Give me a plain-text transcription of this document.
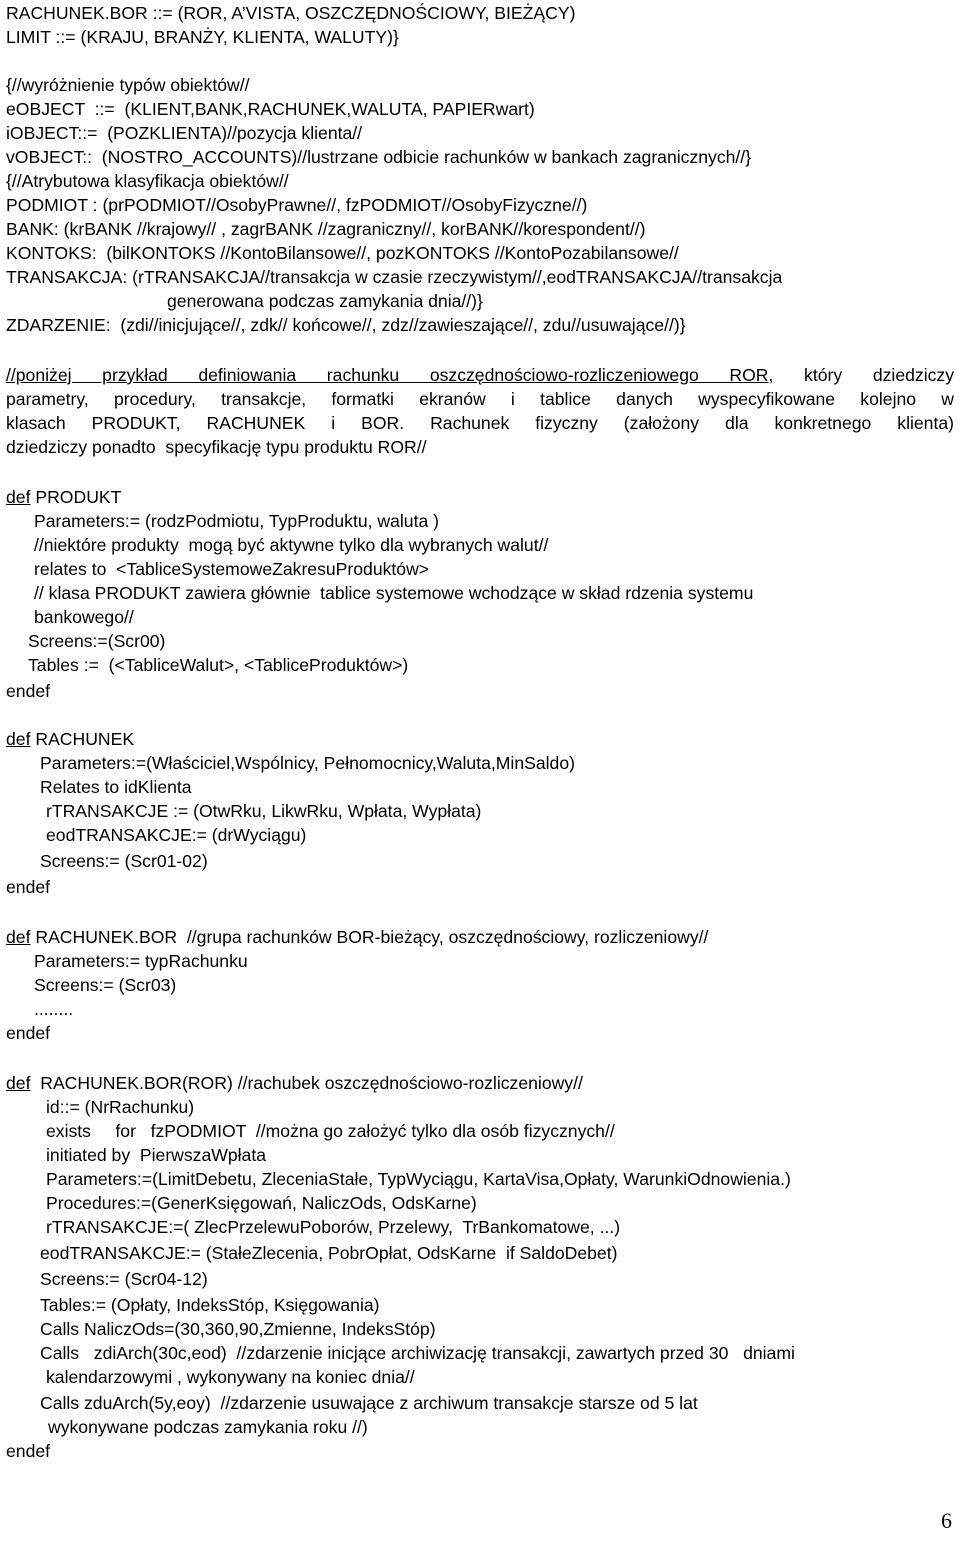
RACHUNEK.BOR ::= (ROR, A’VISTA, OSZCZĘDNOŚCIOWY, BIEŻĄCY)

LIMIT ::= (KRAJU, BRANŻY, KLIENTA, WALUTY)}

{//wyróżnienie typów obiektów//

eOBJECT  ::=  (KLIENT,BANK,RACHUNEK,WALUTA, PAPIERwart)

iOBJECT::=  (POZKLIENTA)//pozycja klienta//

vOBJECT::  (NOSTRO_ACCOUNTS)//lustrzane odbicie rachunków w bankach zagranicznych//}

{//Atrybutowa klasyfikacja obiektów//

PODMIOT : (prPODMIOT//OsobyPrawne//, fzPODMIOT//OsobyFizyczne//)

BANK: (krBANK //krajowy// , zagrBANK //zagraniczny//, korBANK//korespondent//)

KONTOKS:  (bilKONTOKS //KontoBilansowe//, pozKONTOKS //KontoPozabilansowe//

TRANSAKCJA: (rTRANSAKCJA//transakcja w czasie rzeczywistym//,eodTRANSAKCJA//transakcja

generowana podczas zamykania dnia//)}

ZDARZENIE:  (zdi//inicjujące//, zdk// końcowe//, zdz//zawieszające//, zdu//usuwające//)}

//poniżej przykład definiowania rachunku oszczędnościowo-rozliczeniowego ROR, który dziedziczy

parametry, procedury, transakcje, formatki ekranów i tablice danych wyspecyfikowane kolejno w

klasach PRODUKT, RACHUNEK i BOR. Rachunek fizyczny (założony dla konkretnego klienta)

dziedziczy ponadto  specyfikację typu produktu ROR//

def PRODUKT

Parameters:= (rodzPodmiotu, TypProduktu, waluta )

//niektóre produkty  mogą być aktywne tylko dla wybranych walut//

relates to  <TabliceSystemoweZakresuProduktów>

// klasa PRODUKT zawiera głównie  tablice systemowe wchodzące w skład rdzenia systemu

bankowego//

Screens:=(Scr00)

Tables :=  (<TabliceWalut>, <TabliceProduktów>)

endef

def RACHUNEK

Parameters:=(Właściciel,Wspólnicy, Pełnomocnicy,Waluta,MinSaldo)

Relates to idKlienta

rTRANSAKCJE := (OtwRku, LikwRku, Wpłata, Wypłata)

eodTRANSAKCJE:= (drWyciągu)

Screens:= (Scr01-02)

endef

def RACHUNEK.BOR  //grupa rachunków BOR-bieżący, oszczędnościowy, rozliczeniowy//

Parameters:= typRachunku

Screens:= (Scr03)

........

endef

def  RACHUNEK.BOR(ROR) //rachubek oszczędnościowo-rozliczeniowy//

id::= (NrRachunku)

exists     for   fzPODMIOT  //można go założyć tylko dla osób fizycznych//

initiated by  PierwszaWpłata

Parameters:=(LimitDebetu, ZleceniaStałe, TypWyciągu, KartaVisa,Opłaty, WarunkiOdnowienia.)

Procedures:=(GenerKsięgowań, NaliczOds, OdsKarne)

rTRANSAKCJE:=( ZlecPrzelewuPoborów, Przelewy,  TrBankomatowe, ...)

eodTRANSAKCJE:= (StałeZlecenia, PobrOpłat, OdsKarne  if SaldoDebet)

Screens:= (Scr04-12)

Tables:= (Opłaty, IndeksStóp, Księgowania)

Calls NaliczOds=(30,360,90,Zmienne, IndeksStóp)

Calls   zdiArch(30c,eod)  //zdarzenie inicjące archiwizację transakcji, zawartych przed 30   dniami

kalendarzowymi , wykonywany na koniec dnia//

Calls zduArch(5y,eoy)  //zdarzenie usuwające z archiwum transakcje starsze od 5 lat

wykonywane podczas zamykania roku //)

endef

6
